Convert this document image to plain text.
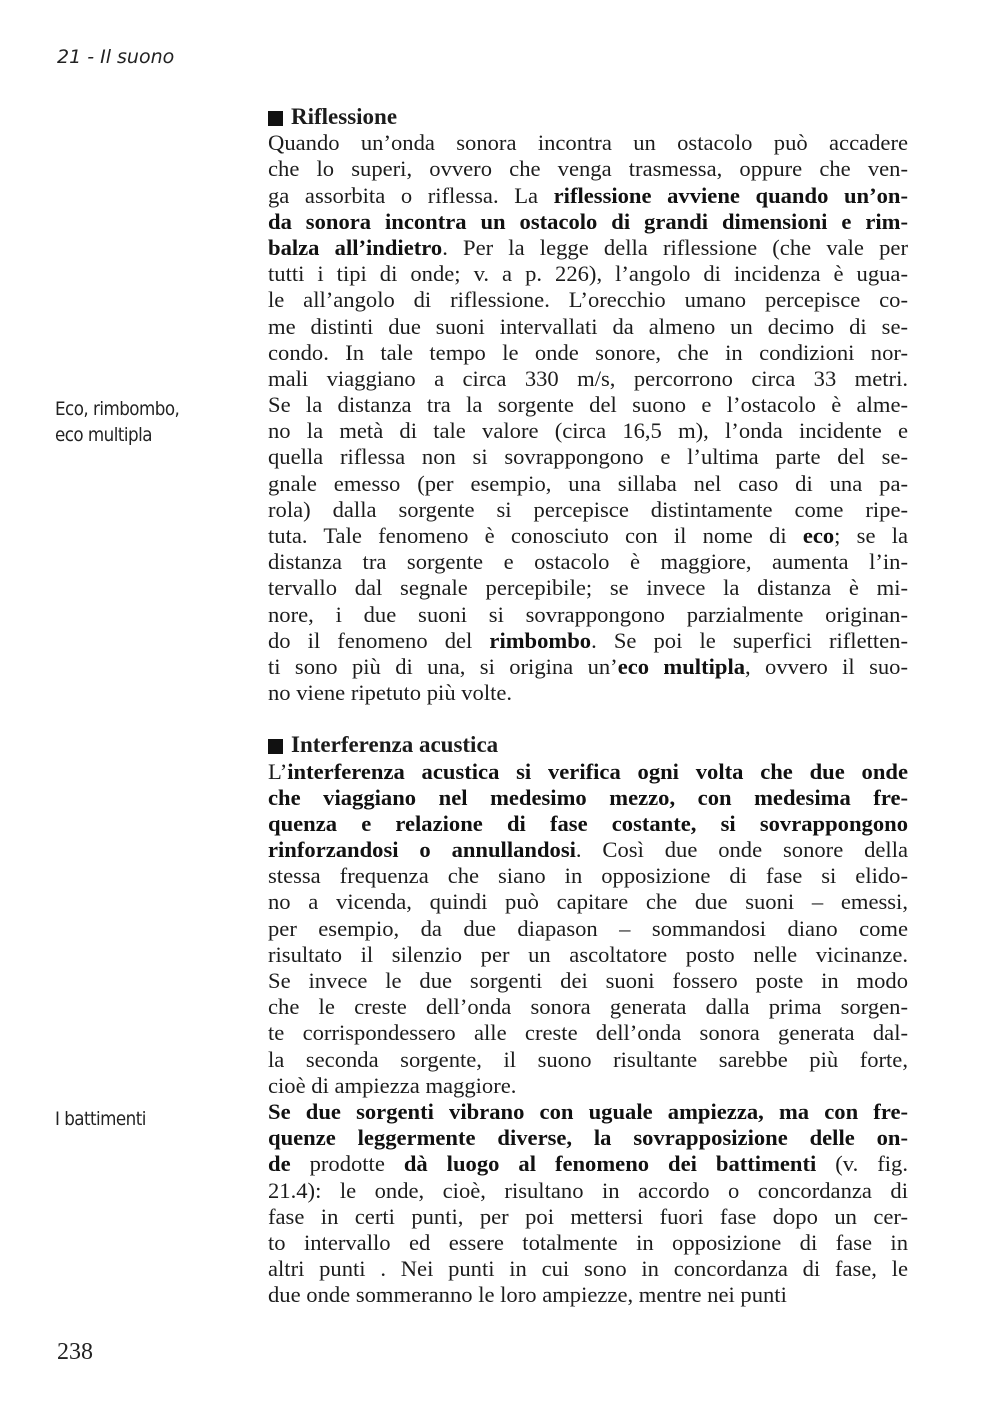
21 - Il suono
Riflessione
Quando un’onda sonora incontra un ostacolo può accadere
che lo superi, ovvero che venga trasmessa, oppure che ven-
ga assorbita o riflessa. La riflessione avviene quando un’on-
da sonora incontra un ostacolo di grandi dimensioni e rim-
balza all’indietro. Per la legge della riflessione (che vale per
tutti i tipi di onde; v. a p. 226), l’angolo di incidenza è ugua-
le all’angolo di riflessione. L’orecchio umano percepisce co-
me distinti due suoni intervallati da almeno un decimo di se-
condo. In tale tempo le onde sonore, che in condizioni nor-
mali viaggiano a circa 330 m/s, percorrono circa 33 metri.
Se la distanza tra la sorgente del suono e l’ostacolo è alme-
no la metà di tale valore (circa 16,5 m), l’onda incidente e
quella riflessa non si sovrappongono e l’ultima parte del se-
gnale emesso (per esempio, una sillaba nel caso di una pa-
rola) dalla sorgente si percepisce distintamente come ripe-
tuta. Tale fenomeno è conosciuto con il nome di eco; se la
distanza tra sorgente e ostacolo è maggiore, aumenta l’in-
tervallo dal segnale percepibile; se invece la distanza è mi-
nore, i due suoni si sovrappongono parzialmente originan-
do il fenomeno del rimbombo. Se poi le superfici rifletten-
ti sono più di una, si origina un’eco multipla, ovvero il suo-
no viene ripetuto più volte.
Interferenza acustica
L’interferenza acustica si verifica ogni volta che due onde
che viaggiano nel medesimo mezzo, con medesima fre-
quenza e relazione di fase costante, si sovrappongono
rinforzandosi o annullandosi. Così due onde sonore della
stessa frequenza che siano in opposizione di fase si elido-
no a vicenda, quindi può capitare che due suoni – emessi,
per esempio, da due diapason – sommandosi diano come
risultato il silenzio per un ascoltatore posto nelle vicinanze.
Se invece le due sorgenti dei suoni fossero poste in modo
che le creste dell’onda sonora generata dalla prima sorgen-
te corrispondessero alle creste dell’onda sonora generata dal-
la seconda sorgente, il suono risultante sarebbe più forte,
cioè di ampiezza maggiore.
Se due sorgenti vibrano con uguale ampiezza, ma con fre-
quenze leggermente diverse, la sovrapposizione delle on-
de prodotte dà luogo al fenomeno dei battimenti (v. fig.
21.4): le onde, cioè, risultano in accordo o concordanza di
fase in certi punti, per poi mettersi fuori fase dopo un cer-
to intervallo ed essere totalmente in opposizione di fase in
altri punti . Nei punti in cui sono in concordanza di fase, le
due onde sommeranno le loro ampiezze, mentre nei punti
Eco, rimbombo,
eco multipla
I battimenti
238
